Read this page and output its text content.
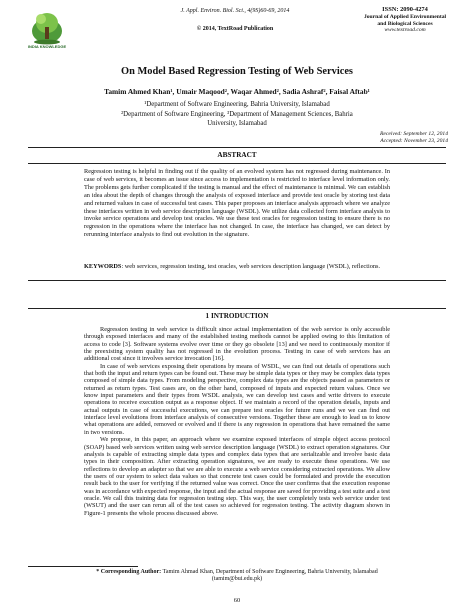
INDIA KNOWLEDGE
J. Appl. Environ. Biol. Sci., 4(9S)60-69, 2014
© 2014, TextRoad Publication
ISSN: 2090-4274
Journal of Applied Environmental
and Biological Sciences
www.textroad.com
On Model Based Regression Testing of Web Services
Tamim Ahmed Khan¹, Umair Maqood², Waqar Ahmed², Sadia Ashraf², Faisal Aftab¹
¹Department of Software Engineering, Bahria University, Islamabad
²Department of Software Engineering, ³Department of Management Sciences, Bahria University, Islamabad
Received: September 12, 2014
Accepted: November 23, 2014
ABSTRACT
Regression testing is helpful in finding out if the quality of an evolved system has not regressed during maintenance. In case of web services, it becomes an issue since access to implementation is restricted to interface level information only. The problems gets further complicated if the testing is manual and the effect of maintenance is minimal. We can establish an idea about the depth of changes through the analysis of exposed interface and provide test oracle by storing test data and returned values in case of successful test cases. This paper proposes an interface analysis approach where we analyze these interfaces written in web service description language (WSDL). We utilize data collected form interface analysis to invoke service operations and develop test oracles. We use these test oracles for regression testing to ensure there is no regression in the operations where the interface has not changed. In case, the interface has changed, we can detect by rerunning interface analysis to find out evolution in the signature.
KEYWORDS: web services, regression testing, test oracles, web services description language (WSDL), reflections.
1 INTRODUCTION

Regression testing in web service is difficult since actual implementation of the web service is only accessible through exposed interfaces and many of the established testing methods cannot be applied owing to this limitation of access to code [3]. Software systems evolve over time or they go obsolete [13] and we need to continuously monitor if the preexisting system quality has not regressed in the evolution process. Testing in case of web services has an additional cost since it involves service invocation [16].

In case of web services exposing their operations by means of WSDL, we can find out details of operations such that both the input and return types can be found out. These may be simple data types or they may be complex data types composed of simple data types. From modeling perspective, complex data types are the objects passed as parameters or returned as return types. Test cases are, on the other hand, composed of inputs and expected return values. Once we know input parameters and their types from WSDL analysis, we can develop test cases and write drivers to execute operations to receive execution output as a response object. If we maintain a record of the operation details, inputs and actual outputs in case of successful executions, we can prepare test oracles for future runs and we we can find out interface level evolutions from interface analysis of consecutive versions. Together these are enough to lead us to know what operations are added, removed or evolved and if there is any regression in operations that have remained the same in two versions.

We propose, in this paper, an approach where we examine exposed interfaces of simple object access protocol (SOAP) based web services written using web service description language (WSDL) to extract operation signatures. Our analysis is capable of extracting simple data types and complex data types that are serializable and involve basic data types in their composition. After extracting operation signatures, we are ready to execute these operations. We use reflections to develop an adapter so that we are able to execute a web service considering extracted operations. We allow the users of our system to select data values so that concrete test cases could be formulated and provide the execution result back to the user for verifying if the returned value was correct. Once the user confirms that the execution response was in accordance with expected response, the input and the actual response are saved for providing a test suite and a test oracle. We call this training data for regression testing step. This way, the user completely tests web service under test (WSUT) and the user can rerun all of the test cases so achieved for regression testing. The activity diagram shown in Figure-1 presents the whole process discussed above.

* Corresponding Author: Tamim Ahmad Khan, Department of Software Engineering, Bahria University, Islamabad
(tamim@bui.edu.pk)
60
